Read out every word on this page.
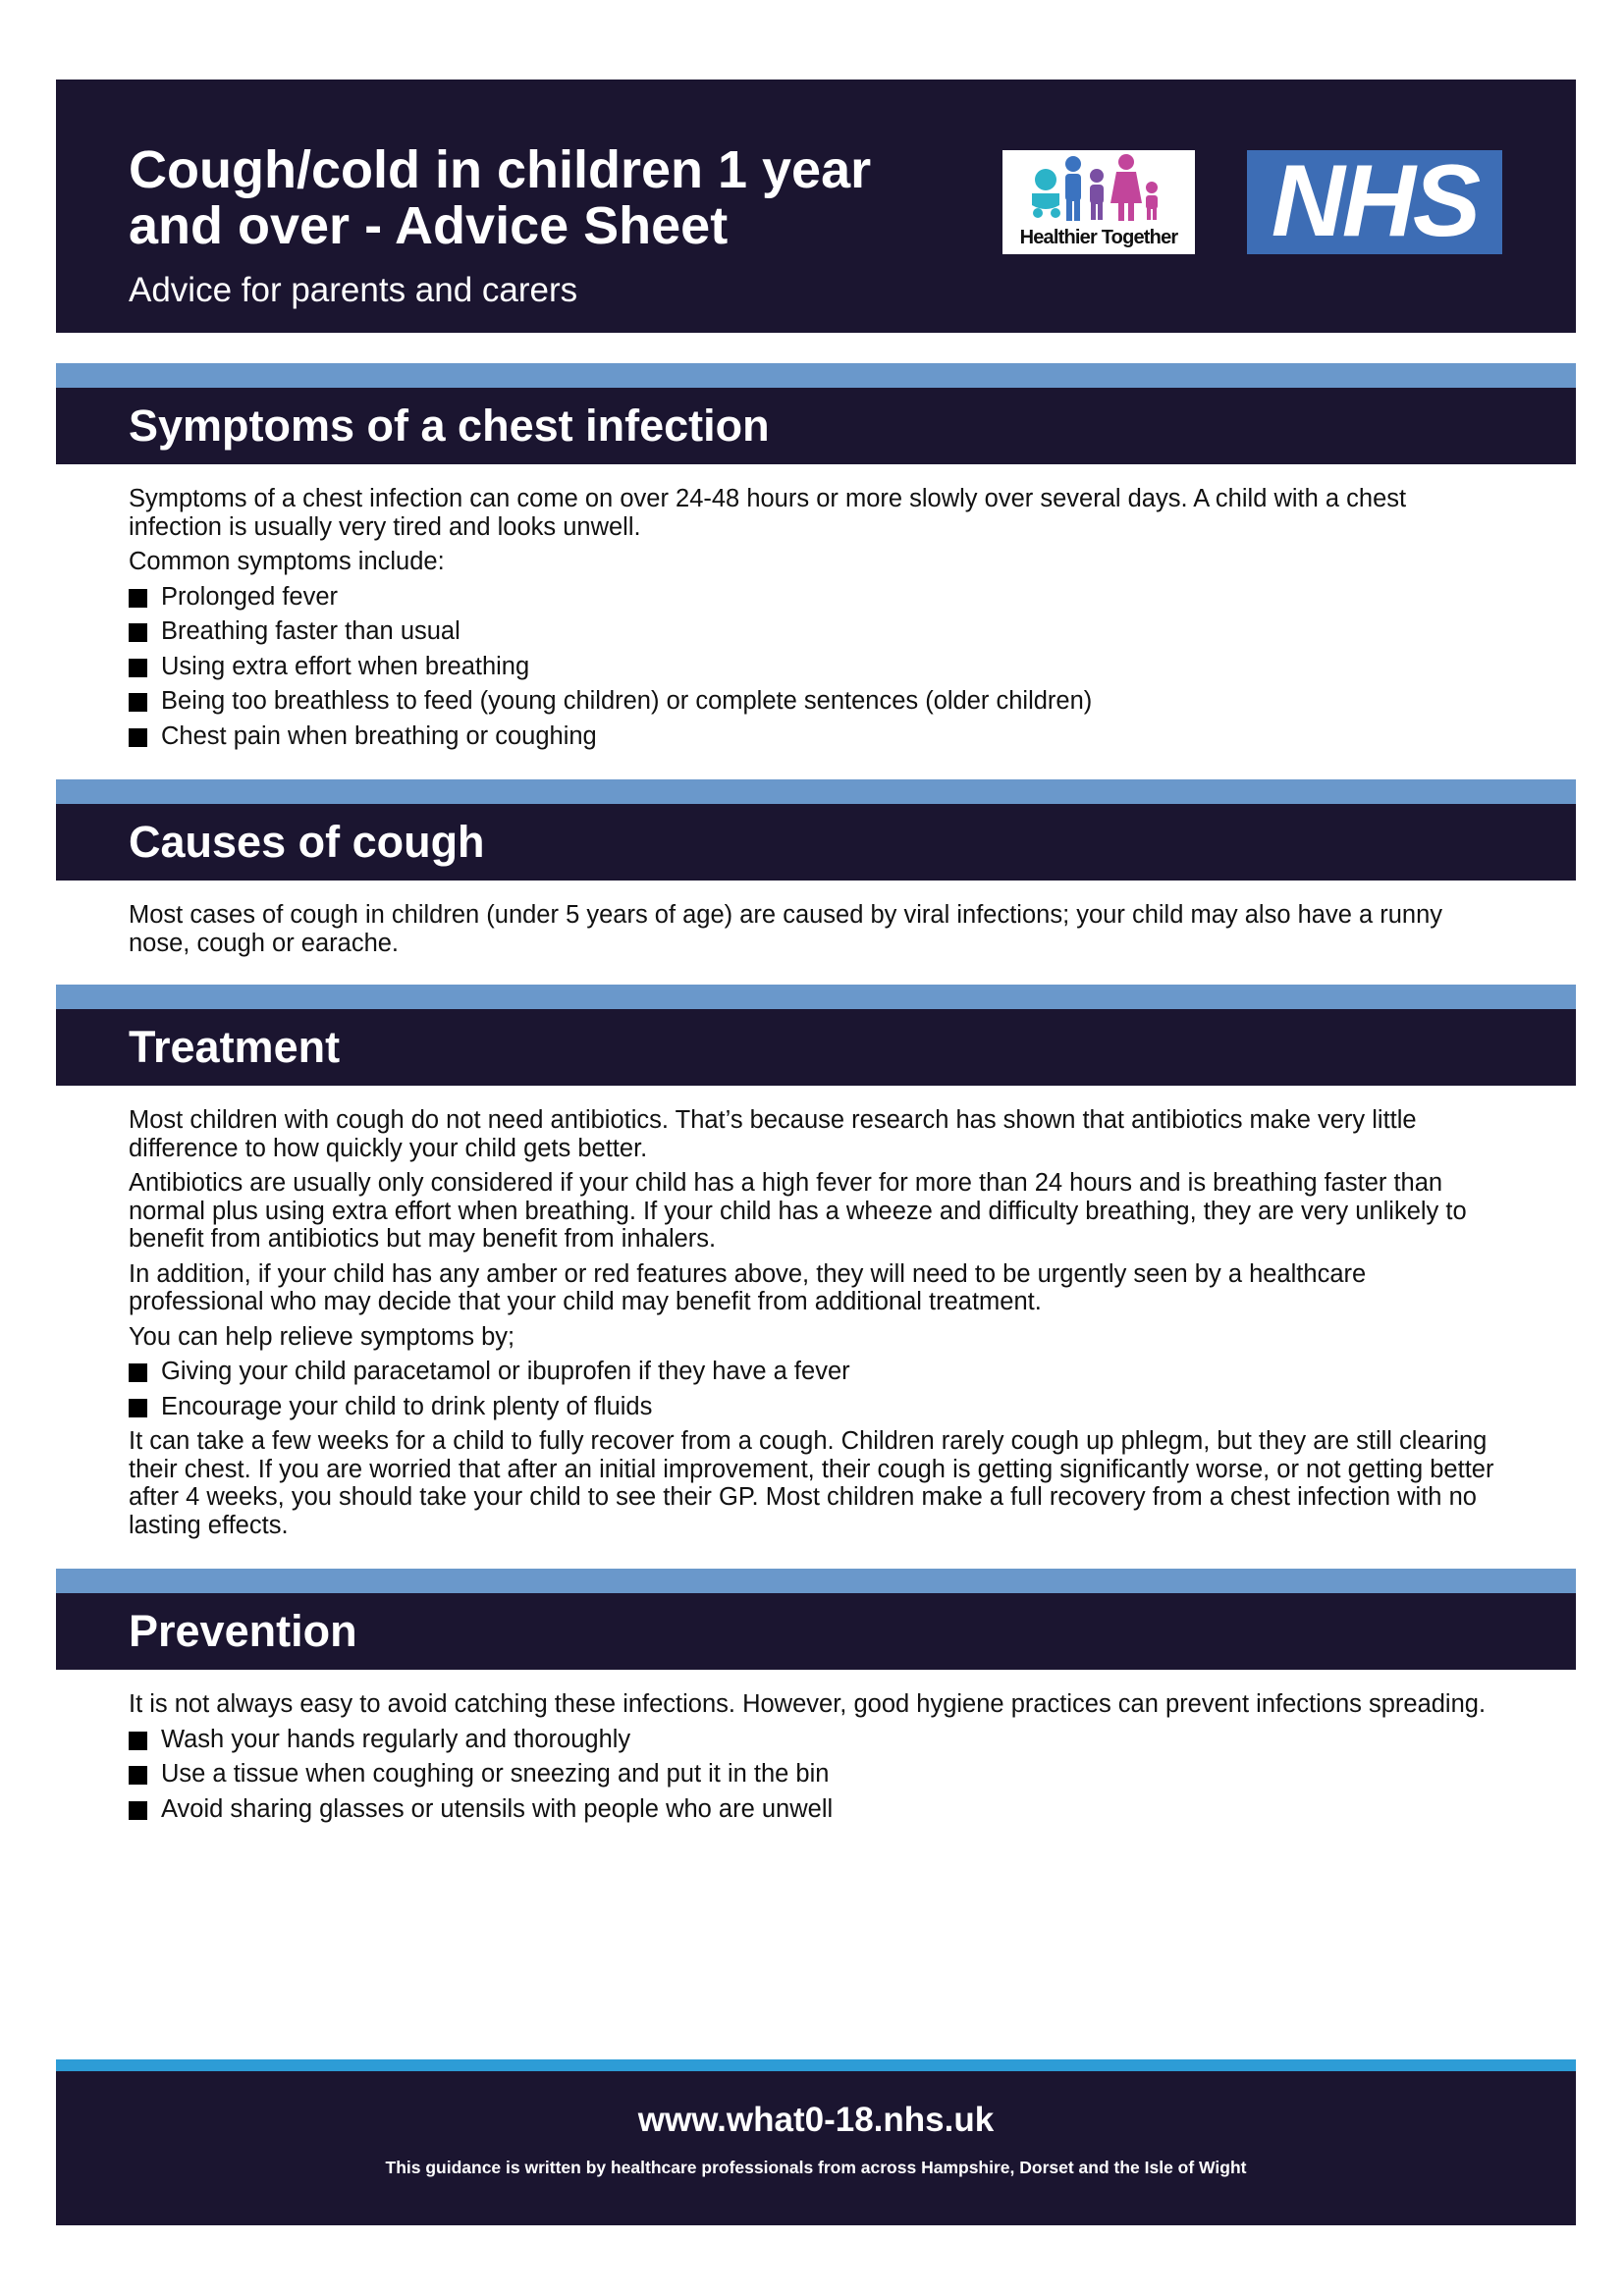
Cough/cold in children 1 year
and over - Advice Sheet

Advice for parents and carers

Healthier Together NHS
Symptoms of a chest infection

Symptoms of a chest infection can come on over 24-48 hours or more slowly over several days. A child with a chest infection is usually very tired and looks unwell.

Common symptoms include:

Prolonged fever
Breathing faster than usual
Using extra effort when breathing
Being too breathless to feed (young children) or complete sentences (older children)
Chest pain when breathing or coughing
Causes of cough

Most cases of cough in children (under 5 years of age) are caused by viral infections; your child may also have a runny nose, cough or earache.

Treatment

Most children with cough do not need antibiotics. That’s because research has shown that antibiotics make very little difference to how quickly your child gets better.

Antibiotics are usually only considered if your child has a high fever for more than 24 hours and is breathing faster than normal plus using extra effort when breathing. If your child has a wheeze and difficulty breathing, they are very unlikely to benefit from antibiotics but may benefit from inhalers.

In addition, if your child has any amber or red features above, they will need to be urgently seen by a healthcare professional who may decide that your child may benefit from additional treatment.

You can help relieve symptoms by;

Giving your child paracetamol or ibuprofen if they have a fever
Encourage your child to drink plenty of fluids

It can take a few weeks for a child to fully recover from a cough. Children rarely cough up phlegm, but they are still clearing their chest. If you are worried that after an initial improvement, their cough is getting significantly worse, or not getting better after 4 weeks, you should take your child to see their GP. Most children make a full recovery from a chest infection with no lasting effects.

Prevention

It is not always easy to avoid catching these infections. However, good hygiene practices can prevent infections spreading.

Wash your hands regularly and thoroughly
Use a tissue when coughing or sneezing and put it in the bin
Avoid sharing glasses or utensils with people who are unwell
www.what0-18.nhs.uk
This guidance is written by healthcare professionals from across Hampshire, Dorset and the Isle of Wight
